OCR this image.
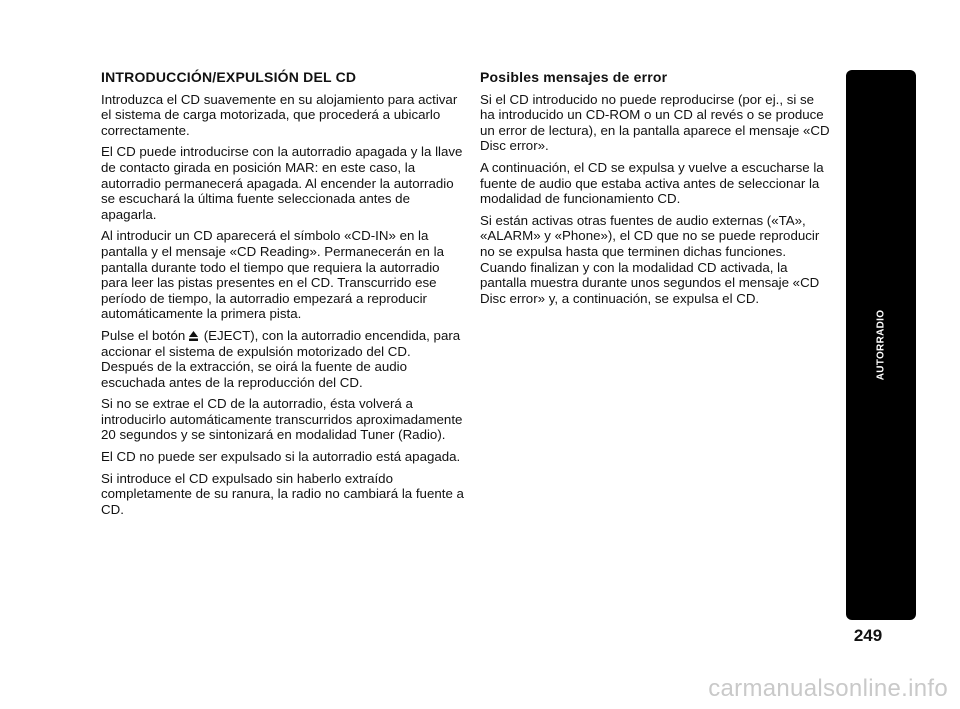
INTRODUCCIÓN/EXPULSIÓN DEL CD

Introduzca el CD suavemente en su alojamiento para activar el sistema de carga motorizada, que procederá a ubicarlo correctamente.

El CD puede introducirse con la autorradio apagada y la llave de contacto girada en posición MAR: en este caso, la autorradio permanecerá apagada. Al encender la autorradio se escuchará la última fuente seleccionada antes de apagarla.

Al introducir un CD aparecerá el símbolo «CD-IN» en la pantalla y el mensaje «CD Reading». Permanecerán en la pantalla durante todo el tiempo que requiera la autorradio para leer las pistas presentes en el CD. Transcurrido ese período de tiempo, la autorradio empezará a reproducir automáticamente la primera pista.

Pulse el botón (EJECT), con la autorradio encendida, para accionar el sistema de expulsión motorizado del CD. Después de la extracción, se oirá la fuente de audio escuchada antes de la reproducción del CD.

Si no se extrae el CD de la autorradio, ésta volverá a introducirlo automáticamente transcurridos aproximadamente 20 segundos y se sintonizará en modalidad Tuner (Radio).

El CD no puede ser expulsado si la autorradio está apagada.

Si introduce el CD expulsado sin haberlo extraído completamente de su ranura, la radio no cambiará la fuente a CD.

Posibles mensajes de error

Si el CD introducido no puede reproducirse (por ej., si se ha introducido un CD-ROM o un CD al revés o se produce un error de lectura), en la pantalla aparece el mensaje «CD Disc error».

A continuación, el CD se expulsa y vuelve a escucharse la fuente de audio que estaba activa antes de seleccionar la modalidad de funcionamiento CD.

Si están activas otras fuentes de audio externas («TA», «ALARM» y «Phone»), el CD que no se puede reproducir no se expulsa hasta que terminen dichas funciones. Cuando finalizan y con la modalidad CD activada, la pantalla muestra durante unos segundos el mensaje «CD Disc error» y, a continuación, se expulsa el CD.

AUTORRADIO
249
carmanualsonline.info
